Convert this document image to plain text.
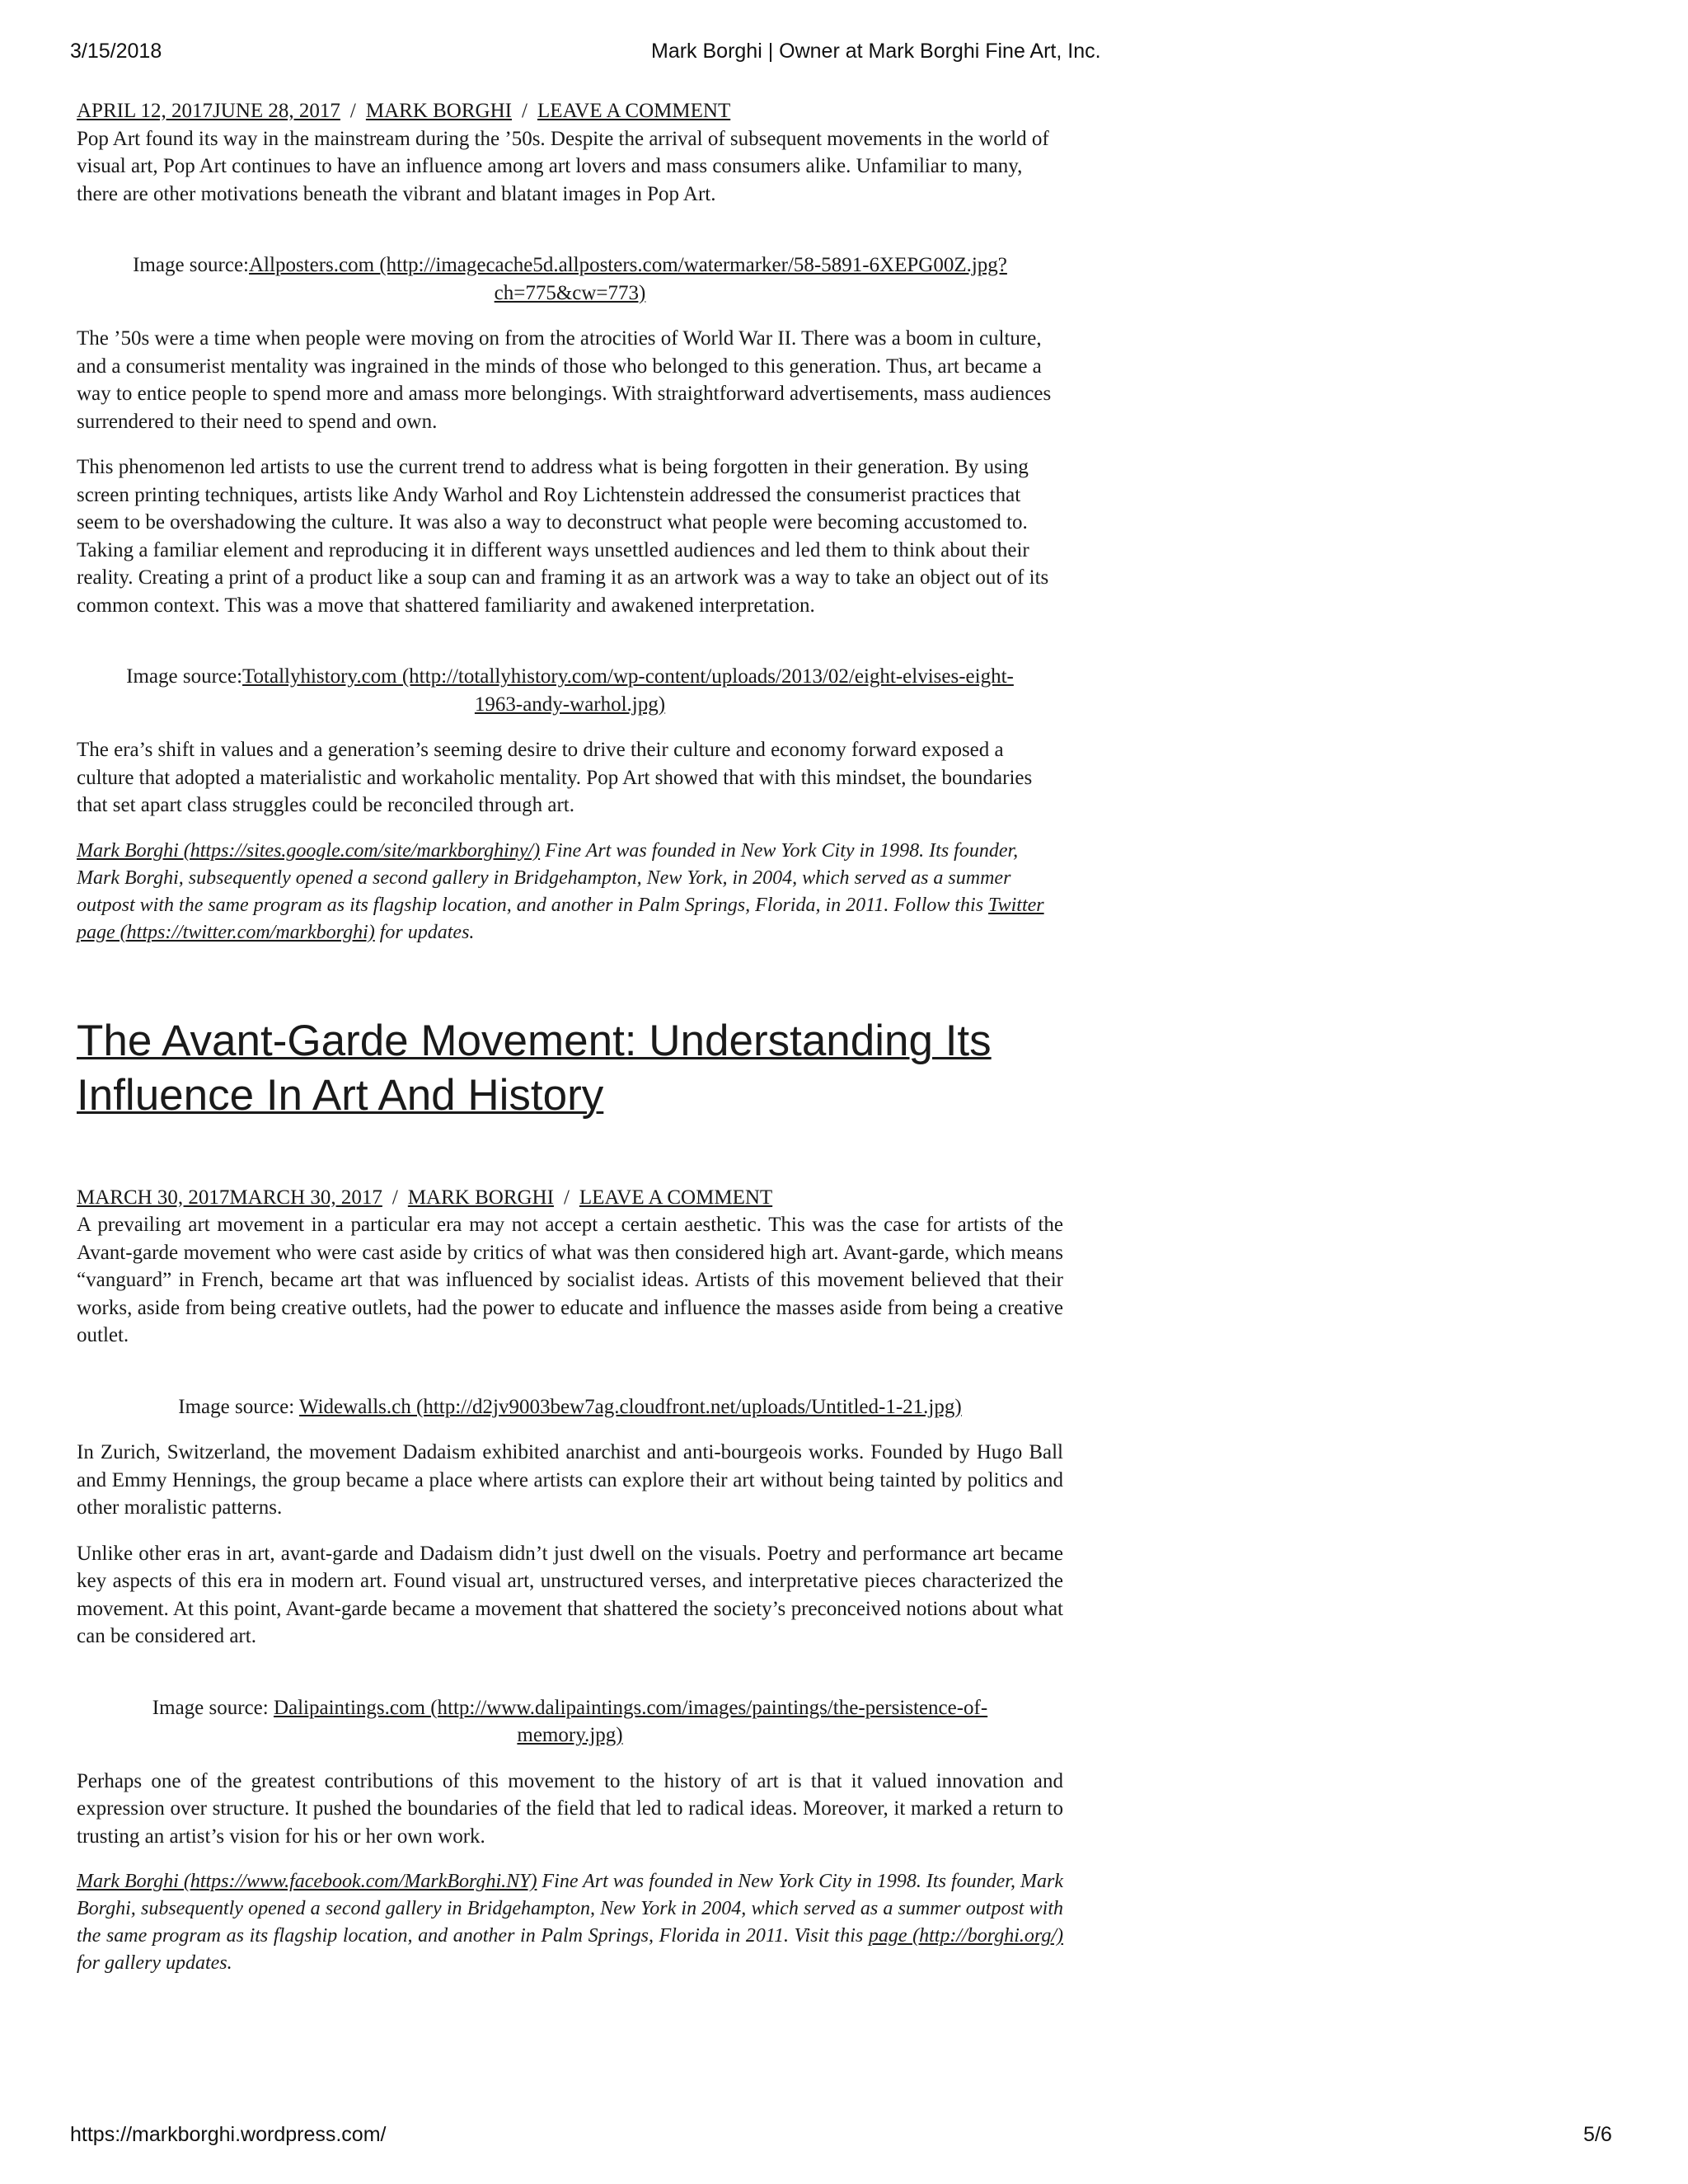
3/15/2018	Mark Borghi | Owner at Mark Borghi Fine Art, Inc.
APRIL 12, 2017JUNE 28, 2017 / MARK BORGHI / LEAVE A COMMENT

Pop Art found its way in the mainstream during the ’50s. Despite the arrival of subsequent movements in the world of visual art, Pop Art continues to have an influence among art lovers and mass consumers alike. Unfamiliar to many, there are other motivations beneath the vibrant and blatant images in Pop Art.

Image source:Allposters.com (http://imagecache5d.allposters.com/watermarker/58-5891-6XEPG00Z.jpg?ch=775&cw=773)

The ’50s were a time when people were moving on from the atrocities of World War II. There was a boom in culture, and a consumerist mentality was ingrained in the minds of those who belonged to this generation. Thus, art became a way to entice people to spend more and amass more belongings. With straightforward advertisements, mass audiences surrendered to their need to spend and own.

This phenomenon led artists to use the current trend to address what is being forgotten in their generation. By using screen printing techniques, artists like Andy Warhol and Roy Lichtenstein addressed the consumerist practices that seem to be overshadowing the culture. It was also a way to deconstruct what people were becoming accustomed to. Taking a familiar element and reproducing it in different ways unsettled audiences and led them to think about their reality. Creating a print of a product like a soup can and framing it as an artwork was a way to take an object out of its common context. This was a move that shattered familiarity and awakened interpretation.

Image source:Totallyhistory.com (http://totallyhistory.com/wp-content/uploads/2013/02/eight-elvises-eight-1963-andy-warhol.jpg)

The era’s shift in values and a generation’s seeming desire to drive their culture and economy forward exposed a culture that adopted a materialistic and workaholic mentality. Pop Art showed that with this mindset, the boundaries that set apart class struggles could be reconciled through art.

Mark Borghi (https://sites.google.com/site/markborghiny/) Fine Art was founded in New York City in 1998. Its founder, Mark Borghi, subsequently opened a second gallery in Bridgehampton, New York, in 2004, which served as a summer outpost with the same program as its flagship location, and another in Palm Springs, Florida, in 2011. Follow this Twitter page (https://twitter.com/markborghi) for updates.

The Avant-Garde Movement: Understanding Its Influence In Art And History
MARCH 30, 2017MARCH 30, 2017 / MARK BORGHI / LEAVE A COMMENT

A prevailing art movement in a particular era may not accept a certain aesthetic. This was the case for artists of the Avant-garde movement who were cast aside by critics of what was then considered high art. Avant-garde, which means “vanguard” in French, became art that was influenced by socialist ideas. Artists of this movement believed that their works, aside from being creative outlets, had the power to educate and influence the masses aside from being a creative outlet.

Image source: Widewalls.ch (http://d2jv9003bew7ag.cloudfront.net/uploads/Untitled-1-21.jpg)

In Zurich, Switzerland, the movement Dadaism exhibited anarchist and anti-bourgeois works. Founded by Hugo Ball and Emmy Hennings, the group became a place where artists can explore their art without being tainted by politics and other moralistic patterns.

Unlike other eras in art, avant-garde and Dadaism didn’t just dwell on the visuals. Poetry and performance art became key aspects of this era in modern art. Found visual art, unstructured verses, and interpretative pieces characterized the movement. At this point, Avant-garde became a movement that shattered the society’s preconceived notions about what can be considered art.

Image source: Dalipaintings.com (http://www.dalipaintings.com/images/paintings/the-persistence-of-memory.jpg)

Perhaps one of the greatest contributions of this movement to the history of art is that it valued innovation and expression over structure. It pushed the boundaries of the field that led to radical ideas. Moreover, it marked a return to trusting an artist’s vision for his or her own work.

Mark Borghi (https://www.facebook.com/MarkBorghi.NY) Fine Art was founded in New York City in 1998. Its founder, Mark Borghi, subsequently opened a second gallery in Bridgehampton, New York in 2004, which served as a summer outpost with the same program as its flagship location, and another in Palm Springs, Florida in 2011. Visit this page (http://borghi.org/) for gallery updates.

https://markborghi.wordpress.com/	5/6
